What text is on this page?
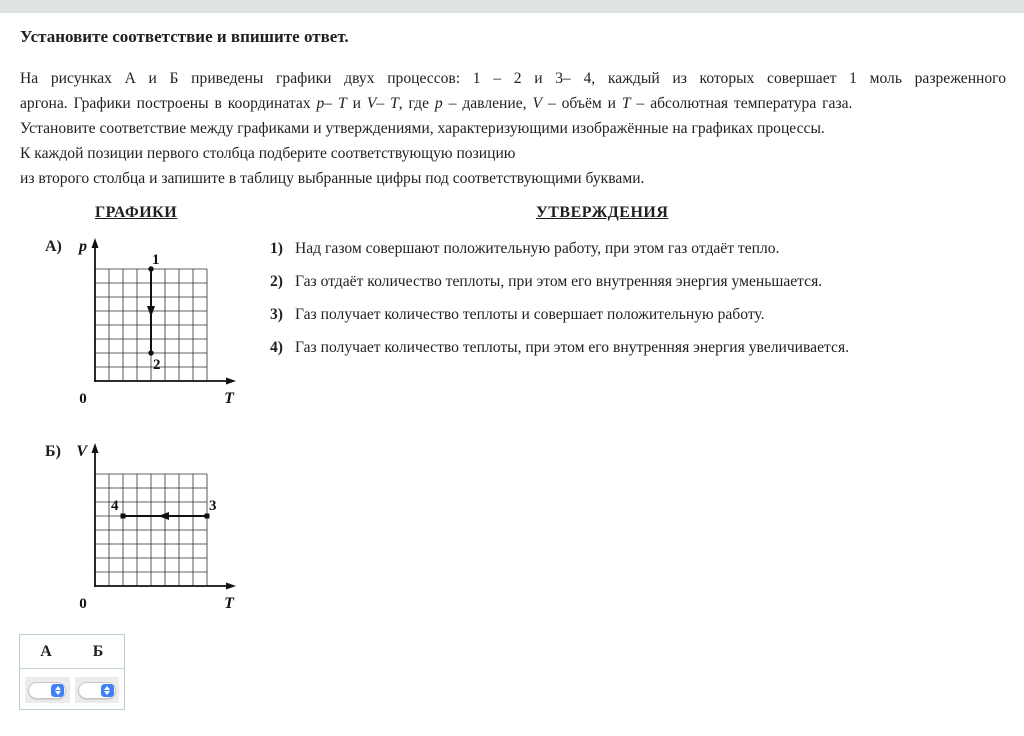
Установите соответствие и впишите ответ.
На рисунках А и Б приведены графики двух процессов: 1 – 2 и 3– 4, каждый из которых совершает 1 моль разреженного
аргона. Графики построены в координатах p– T и V– T, где p – давление, V – объём и T – абсолютная температура газа.
Установите соответствие между графиками и утверждениями, характеризующими изображённые на графиках процессы.
К каждой позиции первого столбца подберите соответствующую позицию
из второго столбца и запишите в таблицу выбранные цифры под соответствующими буквами.
ГРАФИКИ	УТВЕРЖДЕНИЯ
А) p
T
0
1
2
Б) V
T
0
3
4
1) Над газом совершают положительную работу, при этом газ отдаёт тепло.
2) Газ отдаёт количество теплоты, при этом его внутренняя энергия уменьшается.
3) Газ получает количество теплоты и совершает положительную работу.
4) Газ получает количество теплоты, при этом его внутренняя энергия увеличивается.
А	Б
